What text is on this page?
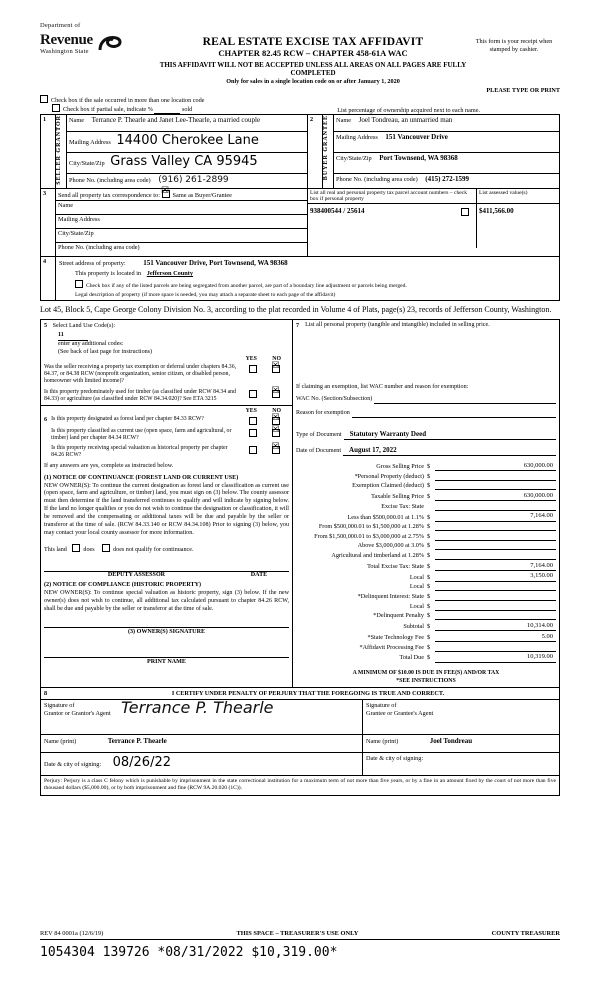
Department of
Revenue
Washington State
REAL ESTATE EXCISE TAX AFFIDAVIT
CHAPTER 82.45 RCW – CHAPTER 458-61A WAC
THIS AFFIDAVIT WILL NOT BE ACCEPTED UNLESS ALL AREAS ON ALL PAGES ARE FULLY COMPLETED
Only for sales in a single location code on or after January 1, 2020
This form is your receipt when stamped by cashier.
PLEASE TYPE OR PRINT
Check box if the sale occurred in more than one location code
Check box if partial sale, indicate %	sold	List percentage of ownership acquired next to each name.
1	SELLER GRANTOR	Name Terrance P. Thearle and Janet Lee-Thearle, a married couple
Mailing Address 14400 Cherokee Lane
City/State/Zip Grass Valley CA 95945
Phone No. (including area code) (916) 261-2899
	2	BUYER GRANTEE	Name Joel Tondreau, an unmarried man
Mailing Address 151 Vancouver Drive
City/State/Zip Port Townsend, WA 98368
Phone No. (including area code) (415) 272-1599

3	Send all property tax correspondence to: ☒ Same as Buyer/Grantee
Name
Mailing Address
City/State/Zip
Phone No. (including area code)

List all real and personal property tax parcel account numbers – check box if personal property
List assessed value(s)
938400544 / 25614	$411,566.00

4	Street address of property: 151 Vancouver Drive, Port Townsend, WA 98368
This property is located in Jefferson County
Check box if any of the listed parcels are being segregated from another parcel, are part of a boundary line adjustment or parcels being merged.
Legal description of property (if more space is needed, you may attach a separate sheet to each page of the affidavit)				
Lot 45, Block 5, Cape George Colony Division No. 3, according to the plat recorded in Volume 4 of Plats, page(s) 23, records of Jefferson County, Washington.
5 Select Land Use Code(s):
11
enter any additional codes:
(See back of last page for instructions)
YES	NO
Was the seller receiving a property tax exemption or deferral under chapters 84.36, 84.37, or 84.38 RCW (nonprofit organization, senior citizen, or disabled person, homeowner with limited income)?
☒
Is this property predominately used for timber (as classified under RCW 84.34 and 84.33) or agriculture (as classified under RCW 84.34.020)? See ETA 3215
☒
YES	NO
6 Is this property designated as forest land per chapter 84.33 RCW?
☒
Is this property classified as current use (open space, farm and agricultural, or timber) land per chapter 84.34 RCW?
☒
Is this property receiving special valuation as historical property per chapter 84.26 RCW?
☒
If any answers are yes, complete as instructed below.
(1) NOTICE OF CONTINUANCE (FOREST LAND OR CURRENT USE)
NEW OWNER(S): To continue the current designation as forest land or classification as current use (open space, farm and agriculture, or timber) land, you must sign on (3) below. The county assessor must then determine if the land transferred continues to qualify and will indicate by signing below. If the land no longer qualifies or you do not wish to continue the designation or classification, it will be removed and the compensating or additional taxes will be due and payable by the seller or transferor at the time of sale. (RCW 84.33.140 or RCW 84.34.108) Prior to signing (3) below, you may contact your local county assessor for more information.
This land	does	does not qualify for continuance.
DEPUTY ASSESSOR	DATE
(2) NOTICE OF COMPLIANCE (HISTORIC PROPERTY)
NEW OWNER(S): To continue special valuation as historic property, sign (3) below. If the new owner(s) does not wish to continue, all additional tax calculated pursuant to chapter 84.26 RCW, shall be due and payable by the seller or transferor at the time of sale.
(3) OWNER(S) SIGNATURE
PRINT NAME
7 List all personal property (tangible and intangible) included in selling price.
If claiming an exemption, list WAC number and reason for exemption:
WAC No. (Section/Subsection)
Reason for exemption
Type of Document	Statutory Warranty Deed
Date of Document	August 17, 2022
Gross Selling Price $	630,000.00
*Personal Property (deduct) $
Exemption Claimed (deduct) $
Taxable Selling Price $	630,000.00
Excise Tax: State
Less than $500,000.01 at 1.1% $	7,164.00
From $500,000.01 to $1,500,000 at 1.28% $
From $1,500,000.01 to $3,000,000 at 2.75% $
Above $3,000,000 at 3.0% $
Agricultural and timberland at 1.28% $
Total Excise Tax: State $	7,164.00
Local $	3,150.00
Local $
*Delinquent Interest: State $
Local $
*Delinquent Penalty $
Subtotal $	10,314.00
*State Technology Fee $	5.00
*Affidavit Processing Fee $
Total Due $	10,319.00
A MINIMUM OF $10.00 IS DUE IN FEE(S) AND/OR TAX
*SEE INSTRUCTIONS
8	I CERTIFY UNDER PENALTY OF PERJURY THAT THE FOREGOING IS TRUE AND CORRECT.	

Signature of
Grantor or Grantor's Agent Terrance P. Thearle	Signature of
Grantee or Grantee's Agent

Name (print) Terrance P. Thearle		Name (print) Joel Tondreau
Date & city of signing: 08/26/22		Date & city of signing:
Perjury: Perjury is a class C felony which is punishable by imprisonment in the state correctional institution for a maximum term of not more than five years, or by a fine in an amount fixed by the court of not more than five thousand dollars ($5,000.00), or by both imprisonment and fine (RCW 9A.20.020 (1C)).		
REV 84 0001a (12/6/19)	THIS SPACE – TREASURER'S USE ONLY	COUNTY TREASURER
1054304 139726 *08/31/2022 $10,319.00*
